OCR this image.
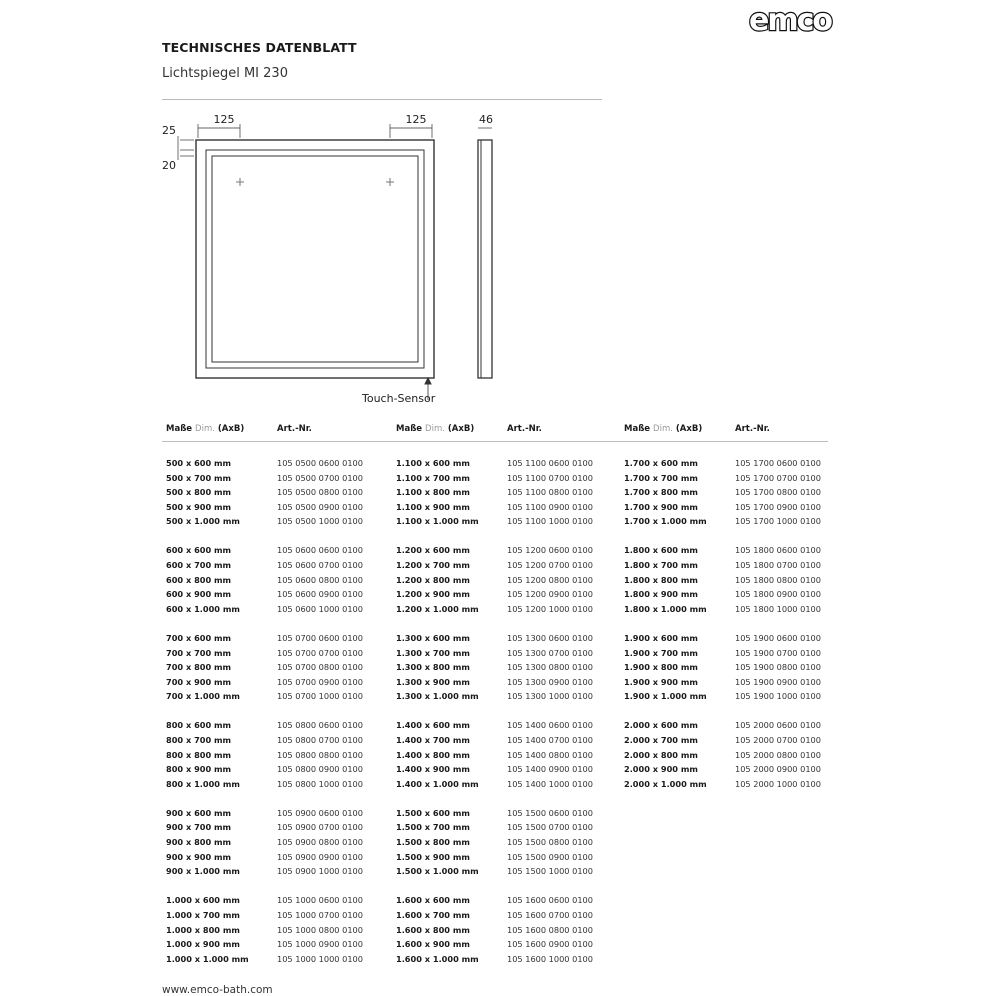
emco
TECHNISCHES DATENBLATT
Lichtspiegel MI 230
125	125	46
25
20
Touch-Sensor
Maße Dim. (AxB)	Art.-Nr.
500 x 600 mm	105 0500 0600 0100
500 x 700 mm	105 0500 0700 0100
500 x 800 mm	105 0500 0800 0100
500 x 900 mm	105 0500 0900 0100
500 x 1.000 mm	105 0500 1000 0100
600 x 600 mm	105 0600 0600 0100
600 x 700 mm	105 0600 0700 0100
600 x 800 mm	105 0600 0800 0100
600 x 900 mm	105 0600 0900 0100
600 x 1.000 mm	105 0600 1000 0100
700 x 600 mm	105 0700 0600 0100
700 x 700 mm	105 0700 0700 0100
700 x 800 mm	105 0700 0800 0100
700 x 900 mm	105 0700 0900 0100
700 x 1.000 mm	105 0700 1000 0100
800 x 600 mm	105 0800 0600 0100
800 x 700 mm	105 0800 0700 0100
800 x 800 mm	105 0800 0800 0100
800 x 900 mm	105 0800 0900 0100
800 x 1.000 mm	105 0800 1000 0100
900 x 600 mm	105 0900 0600 0100
900 x 700 mm	105 0900 0700 0100
900 x 800 mm	105 0900 0800 0100
900 x 900 mm	105 0900 0900 0100
900 x 1.000 mm	105 0900 1000 0100
1.000 x 600 mm	105 1000 0600 0100
1.000 x 700 mm	105 1000 0700 0100
1.000 x 800 mm	105 1000 0800 0100
1.000 x 900 mm	105 1000 0900 0100
1.000 x 1.000 mm	105 1000 1000 0100
Maße Dim. (AxB)	Art.-Nr.
1.100 x 600 mm	105 1100 0600 0100
1.100 x 700 mm	105 1100 0700 0100
1.100 x 800 mm	105 1100 0800 0100
1.100 x 900 mm	105 1100 0900 0100
1.100 x 1.000 mm	105 1100 1000 0100
1.200 x 600 mm	105 1200 0600 0100
1.200 x 700 mm	105 1200 0700 0100
1.200 x 800 mm	105 1200 0800 0100
1.200 x 900 mm	105 1200 0900 0100
1.200 x 1.000 mm	105 1200 1000 0100
1.300 x 600 mm	105 1300 0600 0100
1.300 x 700 mm	105 1300 0700 0100
1.300 x 800 mm	105 1300 0800 0100
1.300 x 900 mm	105 1300 0900 0100
1.300 x 1.000 mm	105 1300 1000 0100
1.400 x 600 mm	105 1400 0600 0100
1.400 x 700 mm	105 1400 0700 0100
1.400 x 800 mm	105 1400 0800 0100
1.400 x 900 mm	105 1400 0900 0100
1.400 x 1.000 mm	105 1400 1000 0100
1.500 x 600 mm	105 1500 0600 0100
1.500 x 700 mm	105 1500 0700 0100
1.500 x 800 mm	105 1500 0800 0100
1.500 x 900 mm	105 1500 0900 0100
1.500 x 1.000 mm	105 1500 1000 0100
1.600 x 600 mm	105 1600 0600 0100
1.600 x 700 mm	105 1600 0700 0100
1.600 x 800 mm	105 1600 0800 0100
1.600 x 900 mm	105 1600 0900 0100
1.600 x 1.000 mm	105 1600 1000 0100
Maße Dim. (AxB)	Art.-Nr.
1.700 x 600 mm	105 1700 0600 0100
1.700 x 700 mm	105 1700 0700 0100
1.700 x 800 mm	105 1700 0800 0100
1.700 x 900 mm	105 1700 0900 0100
1.700 x 1.000 mm	105 1700 1000 0100
1.800 x 600 mm	105 1800 0600 0100
1.800 x 700 mm	105 1800 0700 0100
1.800 x 800 mm	105 1800 0800 0100
1.800 x 900 mm	105 1800 0900 0100
1.800 x 1.000 mm	105 1800 1000 0100
1.900 x 600 mm	105 1900 0600 0100
1.900 x 700 mm	105 1900 0700 0100
1.900 x 800 mm	105 1900 0800 0100
1.900 x 900 mm	105 1900 0900 0100
1.900 x 1.000 mm	105 1900 1000 0100
2.000 x 600 mm	105 2000 0600 0100
2.000 x 700 mm	105 2000 0700 0100
2.000 x 800 mm	105 2000 0800 0100
2.000 x 900 mm	105 2000 0900 0100
2.000 x 1.000 mm	105 2000 1000 0100
www.emco-bath.com
